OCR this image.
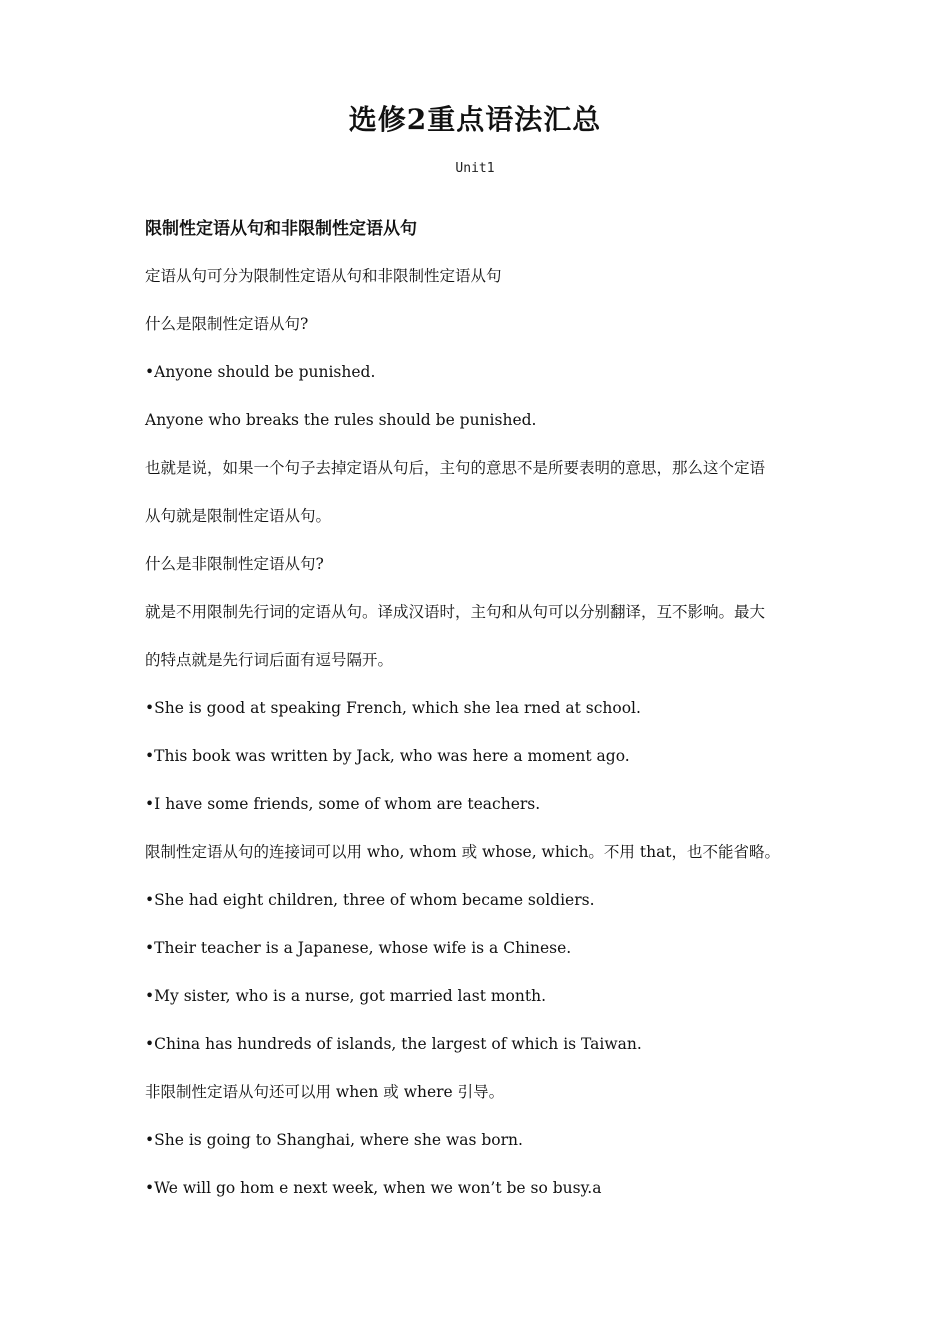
选修2重点语法汇总
Unit1
限制性定语从句和非限制性定语从句
定语从句可分为限制性定语从句和非限制性定语从句
什么是限制性定语从句?
•Anyone should be punished.
Anyone who breaks the rules should be punished.
也就是说，如果一个句子去掉定语从句后，主句的意思不是所要表明的意思，那么这个定语
从句就是限制性定语从句。
什么是非限制性定语从句?
就是不用限制先行词的定语从句。译成汉语时，主句和从句可以分别翻译，互不影响。最大
的特点就是先行词后面有逗号隔开。
•She is good at speaking French, which she lea rned at school.
•This book was written by Jack, who was here a moment ago.
•I have some friends, some of whom are teachers.
限制性定语从句的连接词可以用 who, whom 或 whose, which。不用 that，也不能省略。
•She had eight children, three of whom became soldiers.
•Their teacher is a Japanese, whose wife is a Chinese.
•My sister, who is a nurse, got married last month.
•China has hundreds of islands, the largest of which is Taiwan.
非限制性定语从句还可以用 when 或 where 引导。
•She is going to Shanghai, where she was born.
•We will go hom e next week, when we won’t be so busy.a
